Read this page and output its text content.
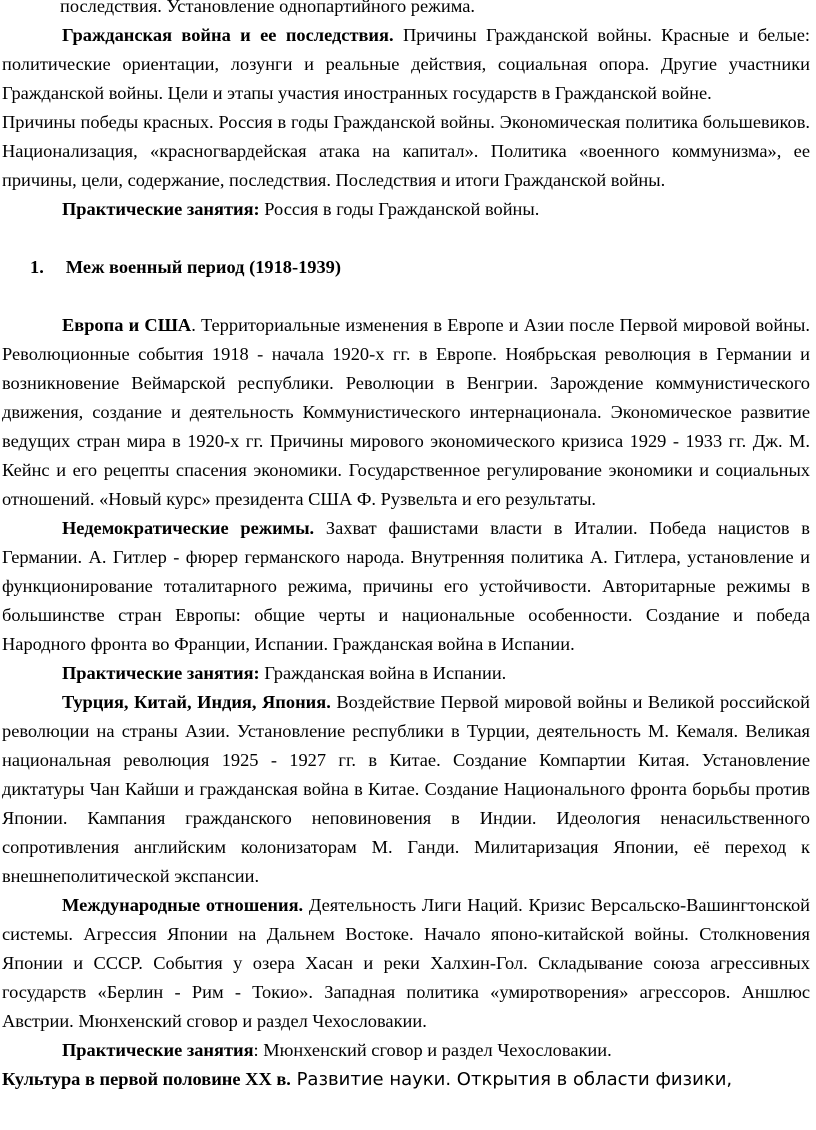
последствия. Установление однопартийного режима.

Гражданская война и ее последствия. Причины Гражданской войны. Красные и белые: политические ориентации, лозунги и реальные действия, социальная опора. Другие участники Гражданской войны. Цели и этапы участия иностранных государств в Гражданской войне.

Причины победы красных. Россия в годы Гражданской войны. Экономическая политика большевиков. Национализация, «красногвардейская атака на капитал». Политика «военного коммунизма», ее причины, цели, содержание, последствия. Последствия и итоги Гражданской войны.

Практические занятия: Россия в годы Гражданской войны.

1. Меж военный период (1918-1939)

Европа и США. Территориальные изменения в Европе и Азии после Первой мировой войны. Революционные события 1918 - начала 1920-х гг. в Европе. Ноябрьская революция в Германии и возникновение Веймарской республики. Революции в Венгрии. Зарождение коммунистического движения, создание и деятельность Коммунистического интернационала. Экономическое развитие ведущих стран мира в 1920-х гг. Причины мирового экономического кризиса 1929 - 1933 гг. Дж. М. Кейнс и его рецепты спасения экономики. Государственное регулирование экономики и социальных отношений. «Новый курс» президента США Ф. Рузвельта и его результаты.

Недемократические режимы. Захват фашистами власти в Италии. Победа нацистов в Германии. А. Гитлер - фюрер германского народа. Внутренняя политика А. Гитлера, установление и функционирование тоталитарного режима, причины его устойчивости. Авторитарные режимы в большинстве стран Европы: общие черты и национальные особенности. Создание и победа Народного фронта во Франции, Испании. Гражданская война в Испании.

Практические занятия: Гражданская война в Испании.

Турция, Китай, Индия, Япония. Воздействие Первой мировой войны и Великой российской революции на страны Азии. Установление республики в Турции, деятельность М. Кемаля. Великая национальная революция 1925 - 1927 гг. в Китае. Создание Компартии Китая. Установление диктатуры Чан Кайши и гражданская война в Китае. Создание Национального фронта борьбы против Японии. Кампания гражданского неповиновения в Индии. Идеология ненасильственного сопротивления английским колонизаторам М. Ганди. Милитаризация Японии, её переход к внешнеполитической экспансии.

Международные отношения. Деятельность Лиги Наций. Кризис Версальско-Вашингтонской системы. Агрессия Японии на Дальнем Востоке. Начало японо-китайской войны. Столкновения Японии и СССР. События у озера Хасан и реки Халхин-Гол. Складывание союза агрессивных государств «Берлин - Рим - Токио». Западная политика «умиротворения» агрессоров. Аншлюс Австрии. Мюнхенский сговор и раздел Чехословакии.

Практические занятия: Мюнхенский сговор и раздел Чехословакии.

Культура в первой половине XX в. Развитие науки. Открытия в области физики,
